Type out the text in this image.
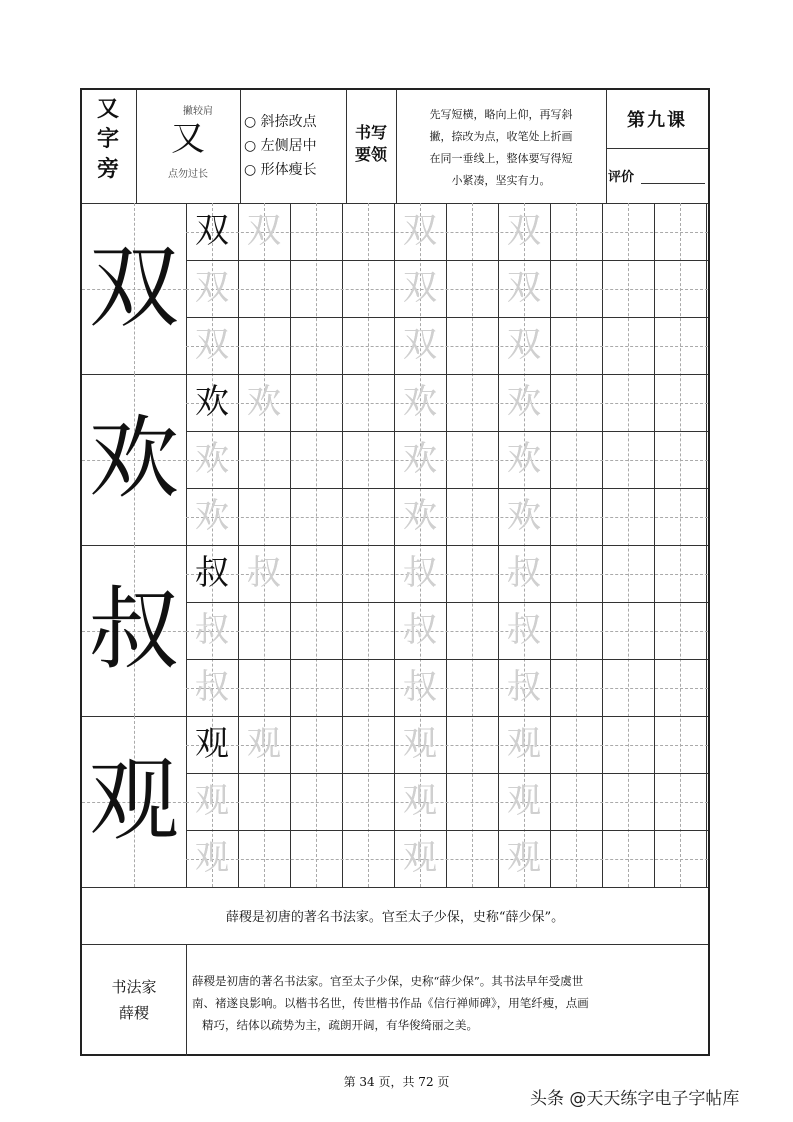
又
字
旁
撇较肩
又
点勿过长
○ 斜捺改点
○ 左侧居中
○ 形体瘦长
书写
要领
先写短横，略向上仰，再写斜
撇，捺改为点，收笔处上折画
在同一垂线上，整体要写得短
小紧凑，坚实有力。
第九课
评价
薛稷是初唐的著名书法家。官至太子少保，史称“薛少保”。
书法家
薛稷
薛稷是初唐的著名书法家。官至太子少保，史称“薛少保”。其书法早年受虞世
南、褚遂良影响。以楷书名世，传世楷书作品《信行禅师碑》，用笔纤瘦，点画
精巧，结体以疏势为主，疏朗开阔，有华俊绮丽之美。
双
双 双	双 双
双	双 双
双	双 双
欢
欢 欢	欢 欢
欢	欢 欢
欢	欢 欢
叔
叔 叔	叔 叔
叔	叔 叔
叔	叔 叔
观
观 观	观 观
观	观 观
观	观 观
第 34 页，共 72 页
头条 @天天练字电子字帖库
